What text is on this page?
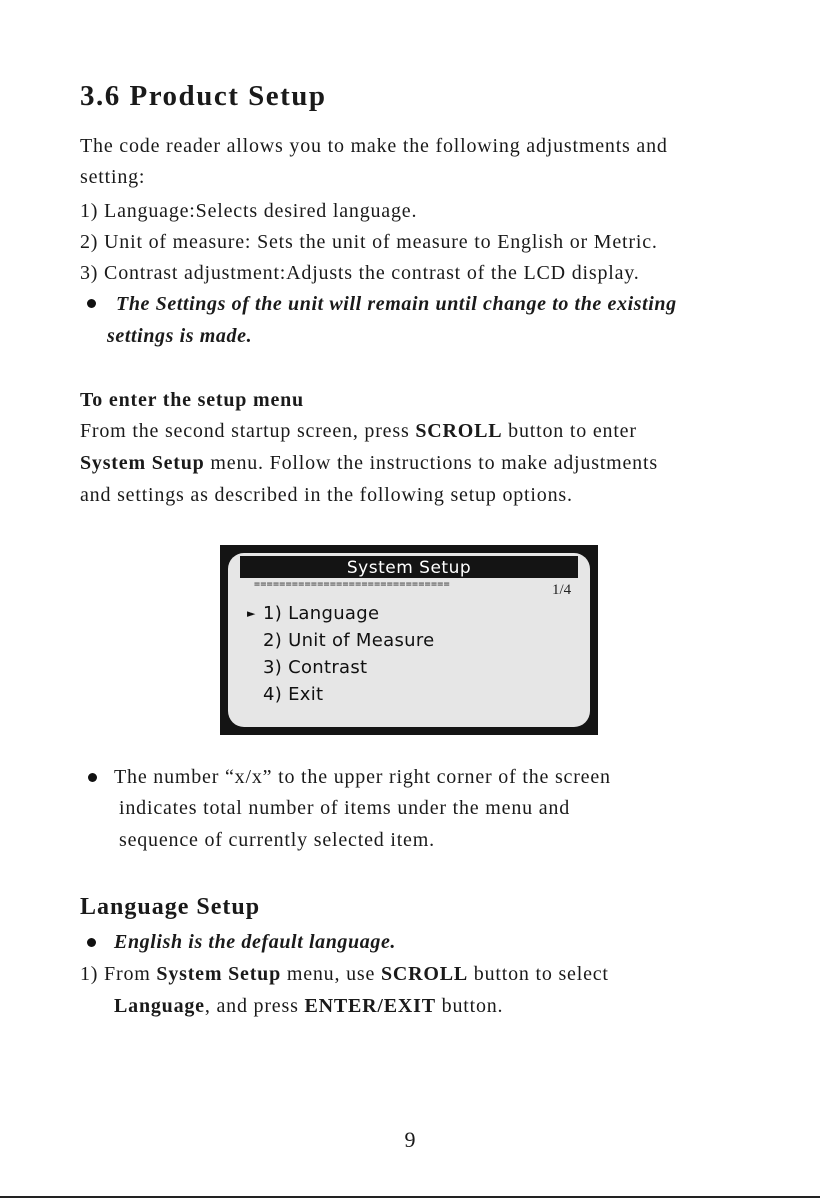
3.6 Product Setup
The code reader allows you to make the following adjustments and
setting:
1) Language:Selects desired language.
2) Unit of measure: Sets the unit of measure to English or Metric.
3) Contrast adjustment:Adjusts the contrast of the LCD display.
The Settings of the unit will remain until change to the existing
settings is made.
To enter the setup menu
From the second startup screen, press SCROLL button to enter
System Setup menu. Follow the instructions to make adjustments
and settings as described in the following setup options.
System Setup
===============================	1/4
► 1) Language
2) Unit of Measure
3) Contrast
4) Exit
The number “x/x” to the upper right corner of the screen
indicates total number of items under the menu and
sequence of currently selected item.
Language Setup
English is the default language.
1) From System Setup menu, use SCROLL button to select
Language, and press ENTER/EXIT button.
9
